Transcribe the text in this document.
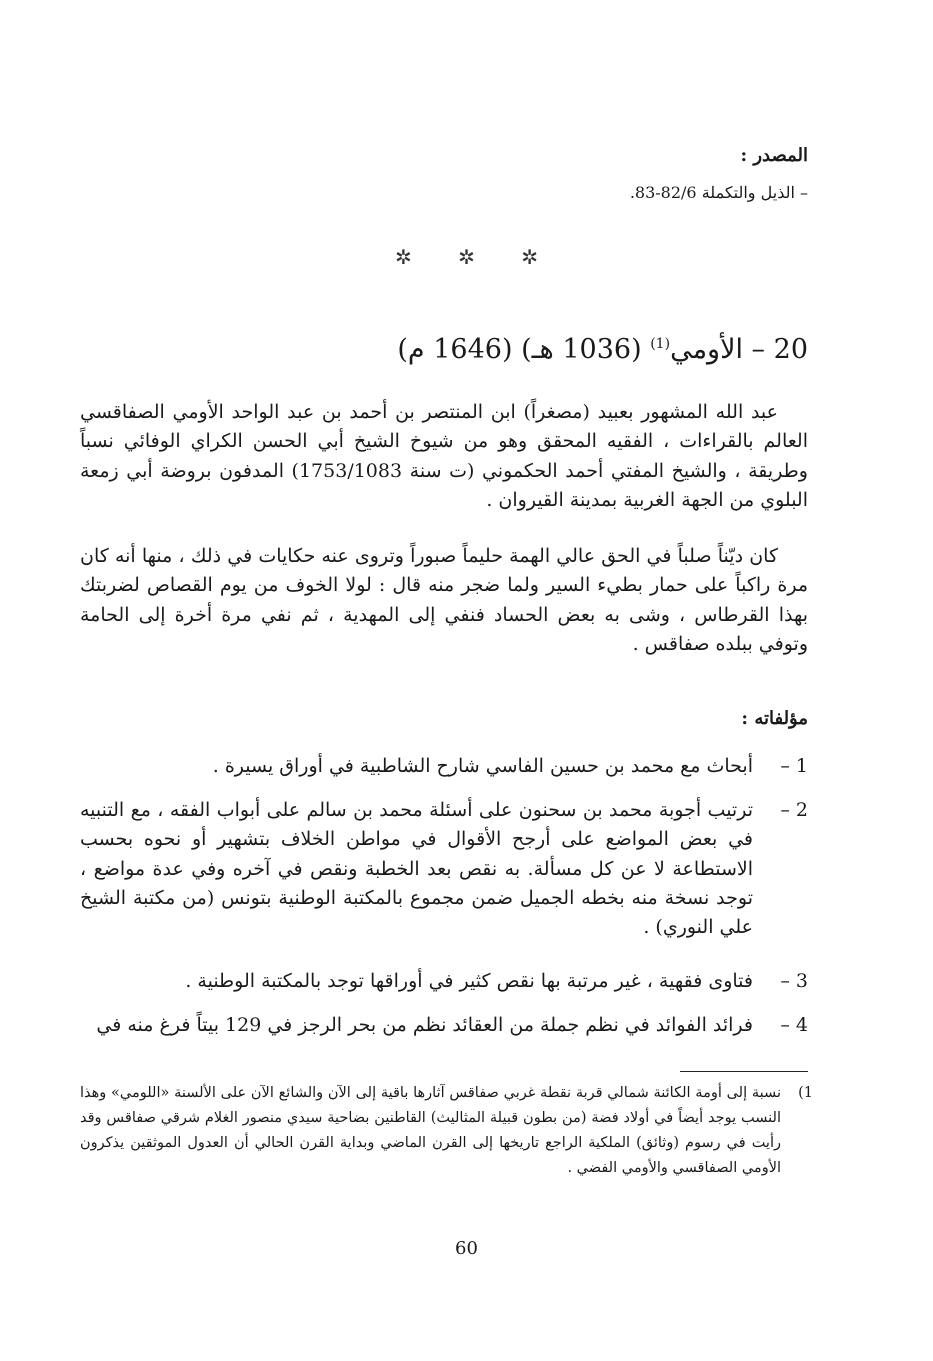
المصدر :
– الذيل والتكملة 82/6-83.
✲ ✲ ✲
20 – الأومي$^{(1)}$ (1036 هـ) (1646 م)

عبد الله المشهور بعبيد (مصغراً) ابن المنتصر بن أحمد بن عبد الواحد الأومي الصفاقسي العالم بالقراءات ، الفقيه المحقق وهو من شيوخ الشيخ أبي الحسن الكراي الوفائي نسباً وطريقة ، والشيخ المفتي أحمد الحكموني (ت سنة 1753/1083) المدفون بروضة أبي زمعة البلوي من الجهة الغربية بمدينة القيروان .

كان ديّناً صلباً في الحق عالي الهمة حليماً صبوراً وتروى عنه حكايات في ذلك ، منها أنه كان مرة راكباً على حمار بطيء السير ولما ضجر منه قال : لولا الخوف من يوم القصاص لضربتك بهذا القرطاس ، وشى به بعض الحساد فنفي إلى المهدية ، ثم نفي مرة أخرة إلى الحامة وتوفي ببلده صفاقس .

مؤلفاته :
1 –
أبحاث مع محمد بن حسين الفاسي شارح الشاطبية في أوراق يسيرة .
2 –
ترتيب أجوبة محمد بن سحنون على أسئلة محمد بن سالم على أبواب الفقه ، مع التنبيه في بعض المواضع على أرجح الأقوال في مواطن الخلاف بتشهير أو نحوه بحسب الاستطاعة لا عن كل مسألة. به نقص بعد الخطبة ونقص في آخره وفي عدة مواضع ، توجد نسخة منه بخطه الجميل ضمن مجموع بالمكتبة الوطنية بتونس (من مكتبة الشيخ علي النوري) .
3 –
فتاوى فقهية ، غير مرتبة بها نقص كثير في أوراقها توجد بالمكتبة الوطنية .
4 –
فرائد الفوائد في نظم جملة من العقائد نظم من بحر الرجز في 129 بيتاً فرغ منه في
1)
نسبة إلى أومة الكائنة شمالي قربة نقطة غربي صفاقس آثارها باقية إلى الآن والشائع الآن على الألسنة «اللومي» وهذا النسب يوجد أيضاً في أولاد فضة (من بطون قبيلة المثاليث) القاطنين بضاحية سيدي منصور الغلام شرقي صفاقس وقد رأيت في رسوم (وثائق) الملكية الراجع تاريخها إلى القرن الماضي وبداية القرن الحالي أن العدول الموثقين يذكرون الأومي الصفاقسي والأومي الفضي .
60
